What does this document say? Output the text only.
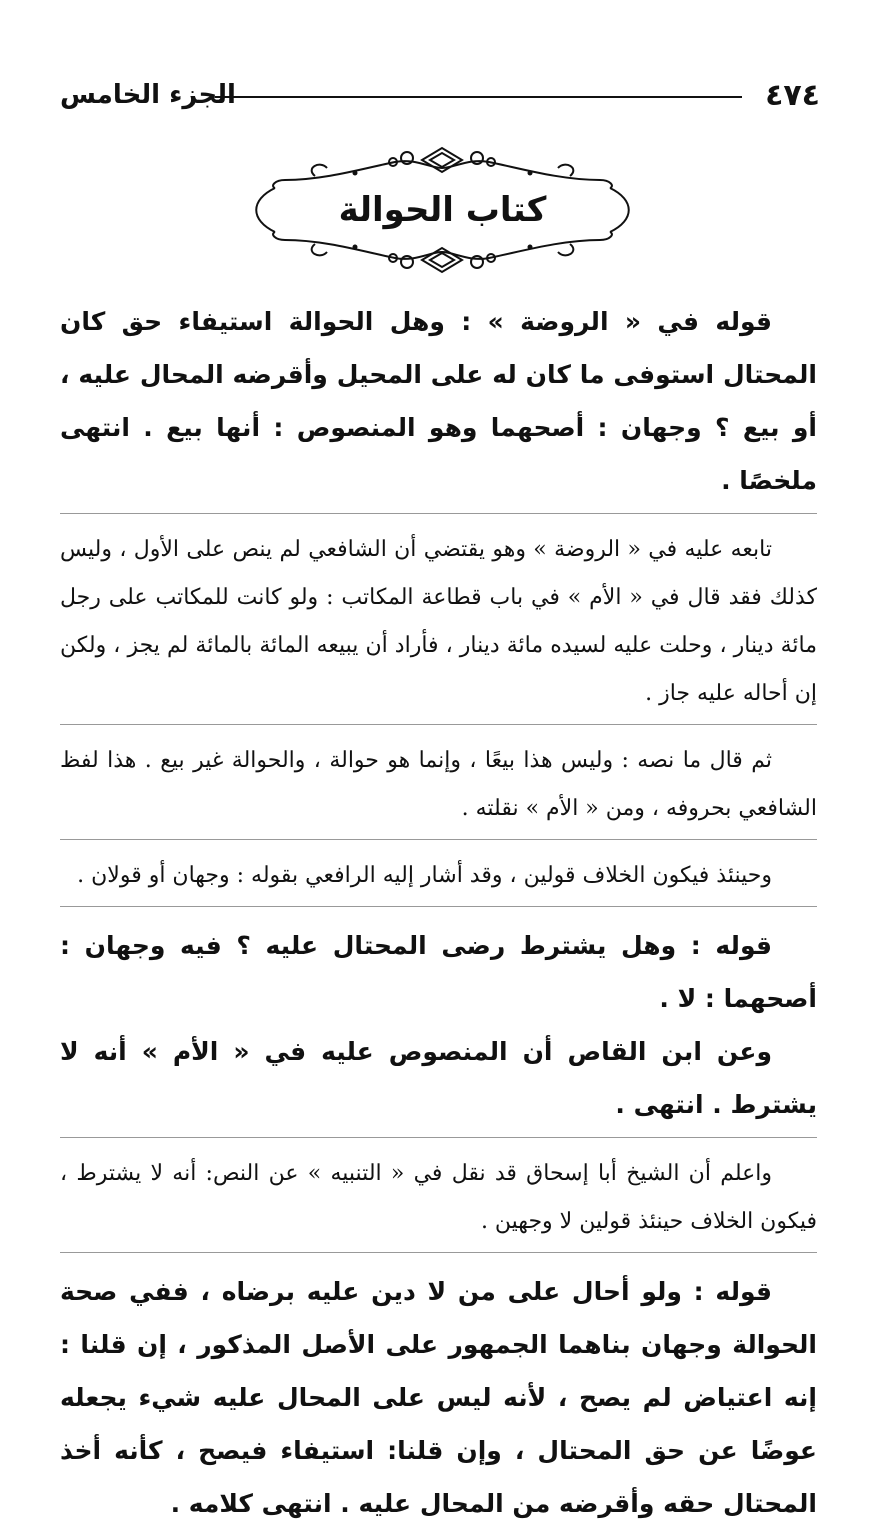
٤٧٤
الجزء الخامس
كتاب الحوالة

قوله في « الروضة » : وهل الحوالة استيفاء حق كان المحتال استوفى ما كان له على المحيل وأقرضه المحال عليه ، أو بيع ؟ وجهان : أصحهما وهو المنصوص : أنها بيع . انتهى ملخصًا .

تابعه عليه في « الروضة » وهو يقتضي أن الشافعي لم ينص على الأول ، وليس كذلك فقد قال في « الأم » في باب قطاعة المكاتب : ولو كانت للمكاتب على رجل مائة دينار ، وحلت عليه لسيده مائة دينار ، فأراد أن يبيعه المائة بالمائة لم يجز ، ولكن إن أحاله عليه جاز .

ثم قال ما نصه : وليس هذا بيعًا ، وإنما هو حوالة ، والحوالة غير بيع . هذا لفظ الشافعي بحروفه ، ومن « الأم » نقلته .

وحينئذ فيكون الخلاف قولين ، وقد أشار إليه الرافعي بقوله : وجهان أو قولان .

قوله : وهل يشترط رضى المحتال عليه ؟ فيه وجهان : أصحهما : لا .

وعن ابن القاص أن المنصوص عليه في « الأم » أنه لا يشترط . انتهى .

واعلم أن الشيخ أبا إسحاق قد نقل في « التنبيه » عن النص: أنه لا يشترط ، فيكون الخلاف حينئذ قولين لا وجهين .

قوله : ولو أحال على من لا دين عليه برضاه ، ففي صحة الحوالة وجهان بناهما الجمهور على الأصل المذكور ، إن قلنا : إنه اعتياض لم يصح ، لأنه ليس على المحال عليه شيء يجعله عوضًا عن حق المحتال ، وإن قلنا: استيفاء فيصح ، كأنه أخذ المحتال حقه وأقرضه من المحال عليه . انتهى كلامه .
